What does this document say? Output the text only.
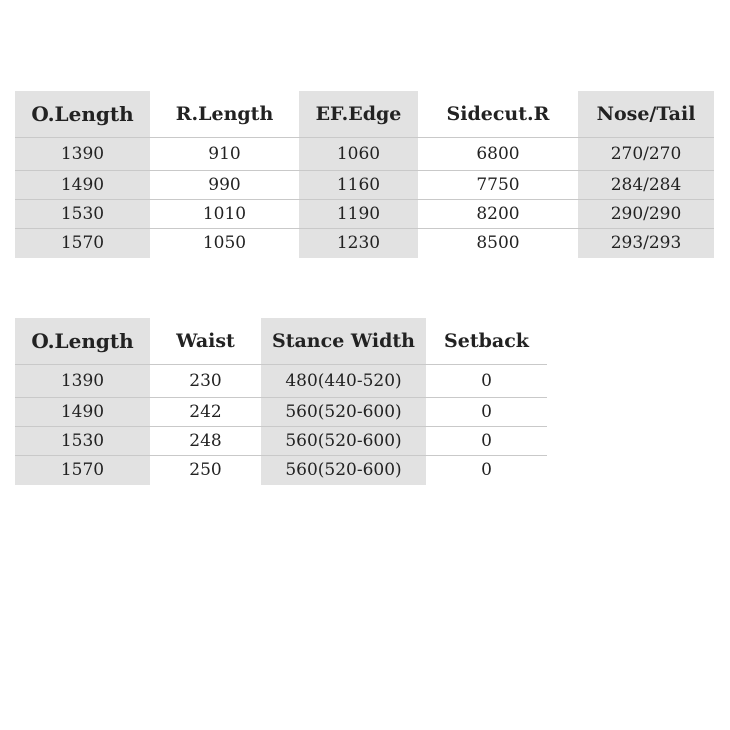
O.Length	R.Length	EF.Edge	Sidecut.R	Nose/Tail
1390	910	1060	6800	270/270
1490	990	1160	7750	284/284
1530	1010	1190	8200	290/290
1570	1050	1230	8500	293/293
O.Length	Waist	Stance Width	Setback
1390	230	480(440-520)	0
1490	242	560(520-600)	0
1530	248	560(520-600)	0
1570	250	560(520-600)	0
